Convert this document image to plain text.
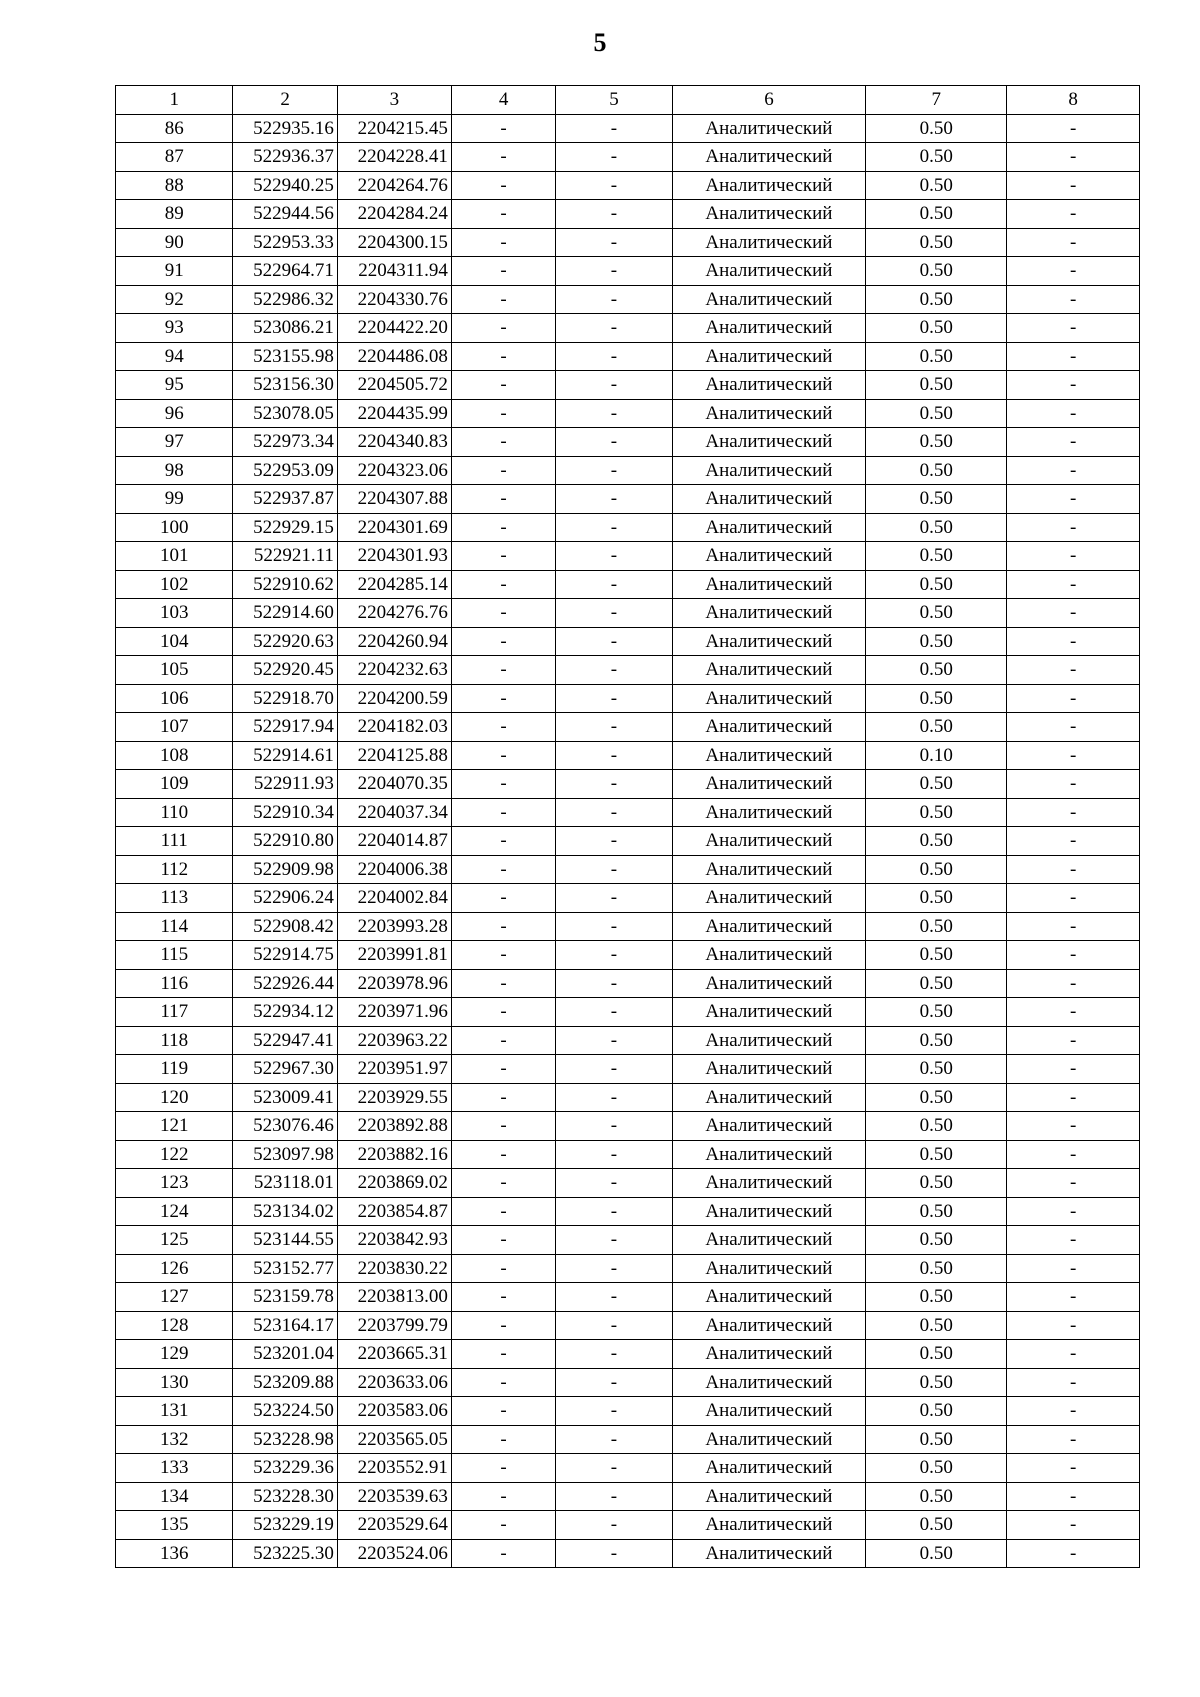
5
1	2	3	4	5	6	7	8
86	522935.16	2204215.45	-	-	Аналитический	0.50	-
87	522936.37	2204228.41	-	-	Аналитический	0.50	-
88	522940.25	2204264.76	-	-	Аналитический	0.50	-
89	522944.56	2204284.24	-	-	Аналитический	0.50	-
90	522953.33	2204300.15	-	-	Аналитический	0.50	-
91	522964.71	2204311.94	-	-	Аналитический	0.50	-
92	522986.32	2204330.76	-	-	Аналитический	0.50	-
93	523086.21	2204422.20	-	-	Аналитический	0.50	-
94	523155.98	2204486.08	-	-	Аналитический	0.50	-
95	523156.30	2204505.72	-	-	Аналитический	0.50	-
96	523078.05	2204435.99	-	-	Аналитический	0.50	-
97	522973.34	2204340.83	-	-	Аналитический	0.50	-
98	522953.09	2204323.06	-	-	Аналитический	0.50	-
99	522937.87	2204307.88	-	-	Аналитический	0.50	-
100	522929.15	2204301.69	-	-	Аналитический	0.50	-
101	522921.11	2204301.93	-	-	Аналитический	0.50	-
102	522910.62	2204285.14	-	-	Аналитический	0.50	-
103	522914.60	2204276.76	-	-	Аналитический	0.50	-
104	522920.63	2204260.94	-	-	Аналитический	0.50	-
105	522920.45	2204232.63	-	-	Аналитический	0.50	-
106	522918.70	2204200.59	-	-	Аналитический	0.50	-
107	522917.94	2204182.03	-	-	Аналитический	0.50	-
108	522914.61	2204125.88	-	-	Аналитический	0.10	-
109	522911.93	2204070.35	-	-	Аналитический	0.50	-
110	522910.34	2204037.34	-	-	Аналитический	0.50	-
111	522910.80	2204014.87	-	-	Аналитический	0.50	-
112	522909.98	2204006.38	-	-	Аналитический	0.50	-
113	522906.24	2204002.84	-	-	Аналитический	0.50	-
114	522908.42	2203993.28	-	-	Аналитический	0.50	-
115	522914.75	2203991.81	-	-	Аналитический	0.50	-
116	522926.44	2203978.96	-	-	Аналитический	0.50	-
117	522934.12	2203971.96	-	-	Аналитический	0.50	-
118	522947.41	2203963.22	-	-	Аналитический	0.50	-
119	522967.30	2203951.97	-	-	Аналитический	0.50	-
120	523009.41	2203929.55	-	-	Аналитический	0.50	-
121	523076.46	2203892.88	-	-	Аналитический	0.50	-
122	523097.98	2203882.16	-	-	Аналитический	0.50	-
123	523118.01	2203869.02	-	-	Аналитический	0.50	-
124	523134.02	2203854.87	-	-	Аналитический	0.50	-
125	523144.55	2203842.93	-	-	Аналитический	0.50	-
126	523152.77	2203830.22	-	-	Аналитический	0.50	-
127	523159.78	2203813.00	-	-	Аналитический	0.50	-
128	523164.17	2203799.79	-	-	Аналитический	0.50	-
129	523201.04	2203665.31	-	-	Аналитический	0.50	-
130	523209.88	2203633.06	-	-	Аналитический	0.50	-
131	523224.50	2203583.06	-	-	Аналитический	0.50	-
132	523228.98	2203565.05	-	-	Аналитический	0.50	-
133	523229.36	2203552.91	-	-	Аналитический	0.50	-
134	523228.30	2203539.63	-	-	Аналитический	0.50	-
135	523229.19	2203529.64	-	-	Аналитический	0.50	-
136	523225.30	2203524.06	-	-	Аналитический	0.50	-
